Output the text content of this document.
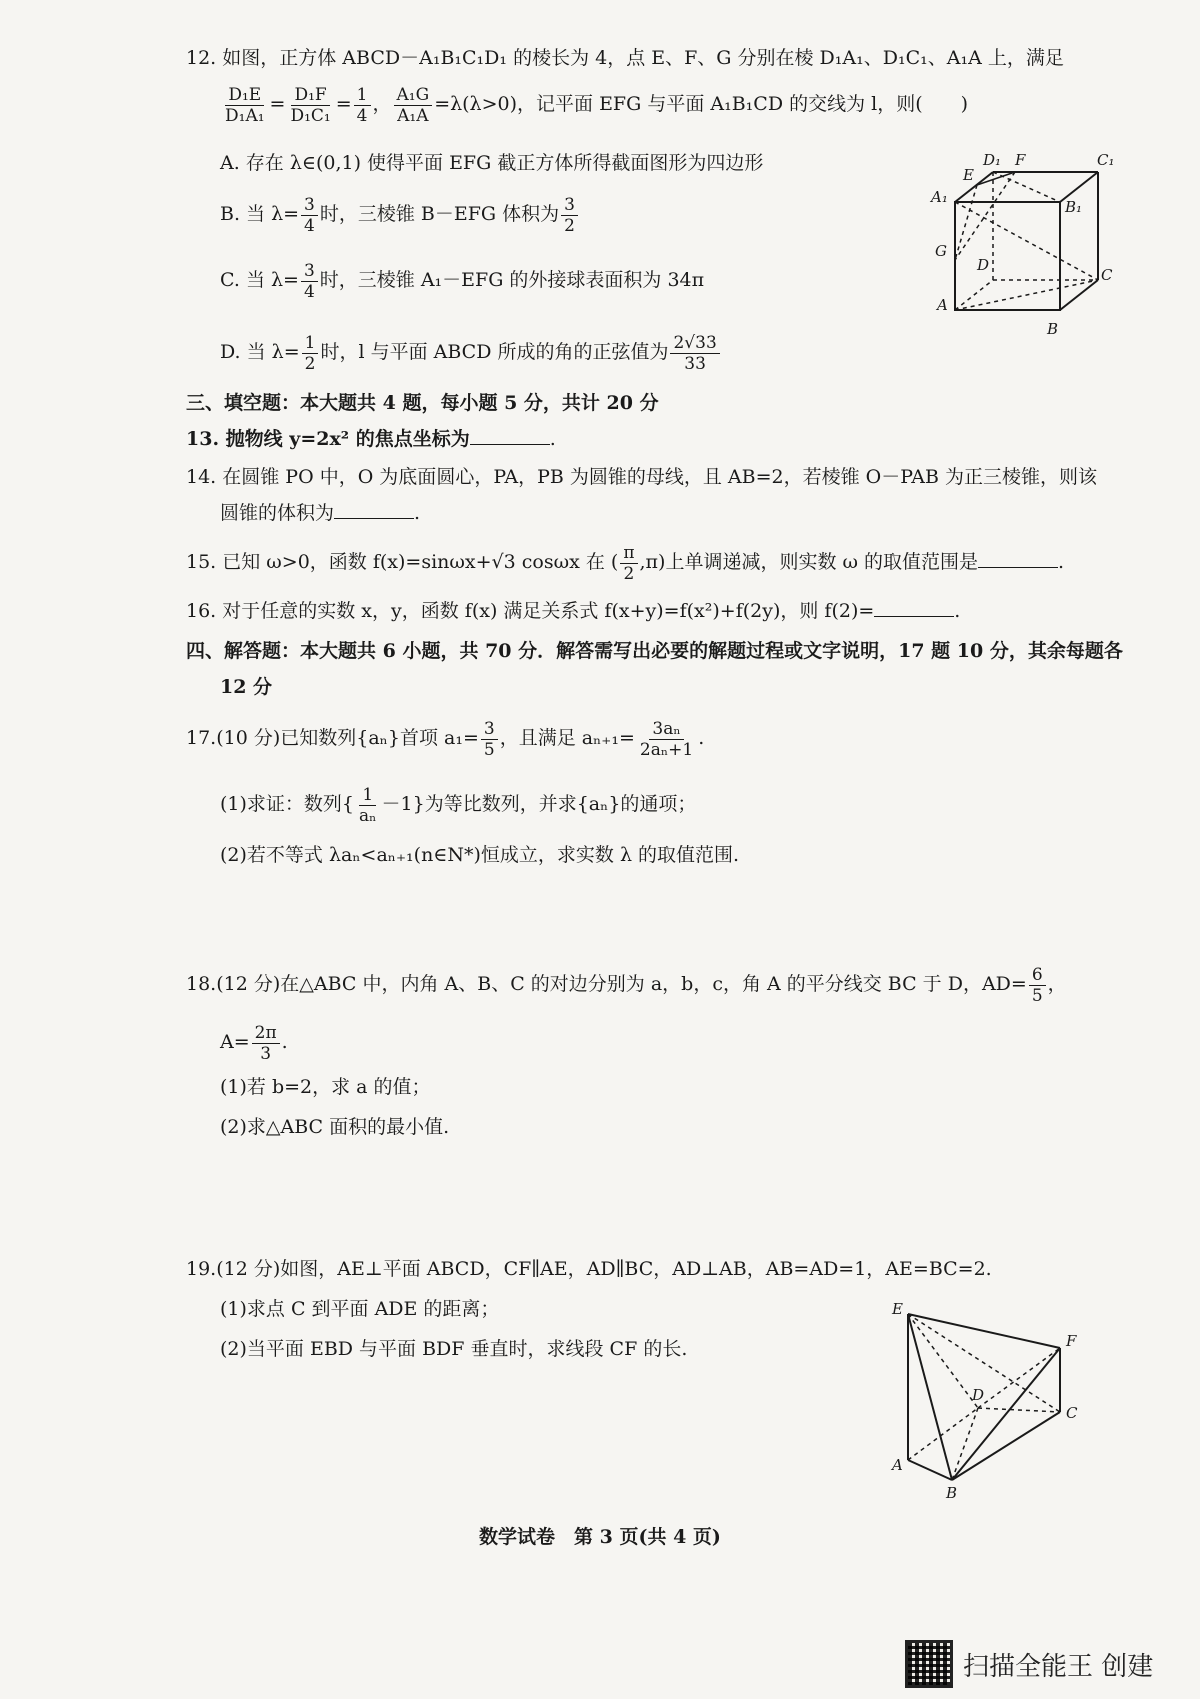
12. 如图，正方体 ABCD－A₁B₁C₁D₁ 的棱长为 4，点 E、F、G 分别在棱 D₁A₁、D₁C₁、A₁A 上，满足
$\frac{\text{D₁E}}{\text{D₁A₁}} = \frac{\text{D₁F}}{\text{D₁C₁}} = \frac{1}{4}$ ， $\frac{\text{A₁G}}{\text{A₁A}} =\lambda(\lambda>0)$，记平面 EFG 与平面 A₁B₁CD 的交线为 l，则(　　)
A. 存在 λ∈(0,1) 使得平面 EFG 截正方体所得截面图形为四边形
B. 当 $\lambda= \frac{3}{4}$ 时，三棱锥 B－EFG 体积为 $\frac{3}{2}$
C. 当 $\lambda= \frac{3}{4}$ 时，三棱锥 A₁－EFG 的外接球表面积为 34π
D. 当 $\lambda= \frac{1}{2}$ 时，l 与平面 ABCD 所成的角的正弦值为 $\frac{2√33}{33}$
D₁ F	C₁
E
A₁
B₁
G
D
C
A
B
三、填空题：本大题共 4 题，每小题 5 分，共计 20 分
13. 抛物线 y=2x² 的焦点坐标为	.
14. 在圆锥 PO 中，O 为底面圆心，PA，PB 为圆锥的母线，且 AB=2，若棱锥 O－PAB 为正三棱锥，则该
圆锥的体积为	.
15. 已知 ω>0，函数 f(x)=sinωx+√3 cosωx 在 ( $\frac{\pi}{2} ,\pi$)上单调递减，则实数 ω 的取值范围是	.
16. 对于任意的实数 x，y，函数 f(x) 满足关系式 f(x+y)=f(x²)+f(2y)，则 f(2)=	.
四、解答题：本大题共 6 小题，共 70 分．解答需写出必要的解题过程或文字说明，17 题 10 分，其余每题各
12 分
17.(10 分)已知数列{aₙ}首项 $a_1= \frac{3}{5}$ ，且满足 $a_{n+1}= \frac{\text{3aₙ}}{\text{2aₙ+1}}$ .
(1)求证：数列{ $\frac{1}{\text{aₙ}} -1$}为等比数列，并求{aₙ}的通项；
(2)若不等式 λaₙ<aₙ₊₁(n∈N*)恒成立，求实数 λ 的取值范围.
18.(12 分)在△ABC 中，内角 A、B、C 的对边分别为 a，b，c，角 A 的平分线交 BC 于 D，$AD= \frac{6}{5}$ ，
$A= \frac{2\pi}{3}$ .
(1)若 b=2，求 a 的值；
(2)求△ABC 面积的最小值.
19.(12 分)如图，AE⊥平面 ABCD，CF∥AE，AD∥BC，AD⊥AB，AB=AD=1，AE=BC=2.
(1)求点 C 到平面 ADE 的距离；
(2)当平面 EBD 与平面 BDF 垂直时，求线段 CF 的长.
E
F
D
C
A
B
数学试卷　第 3 页(共 4 页)
扫描全能王 创建
